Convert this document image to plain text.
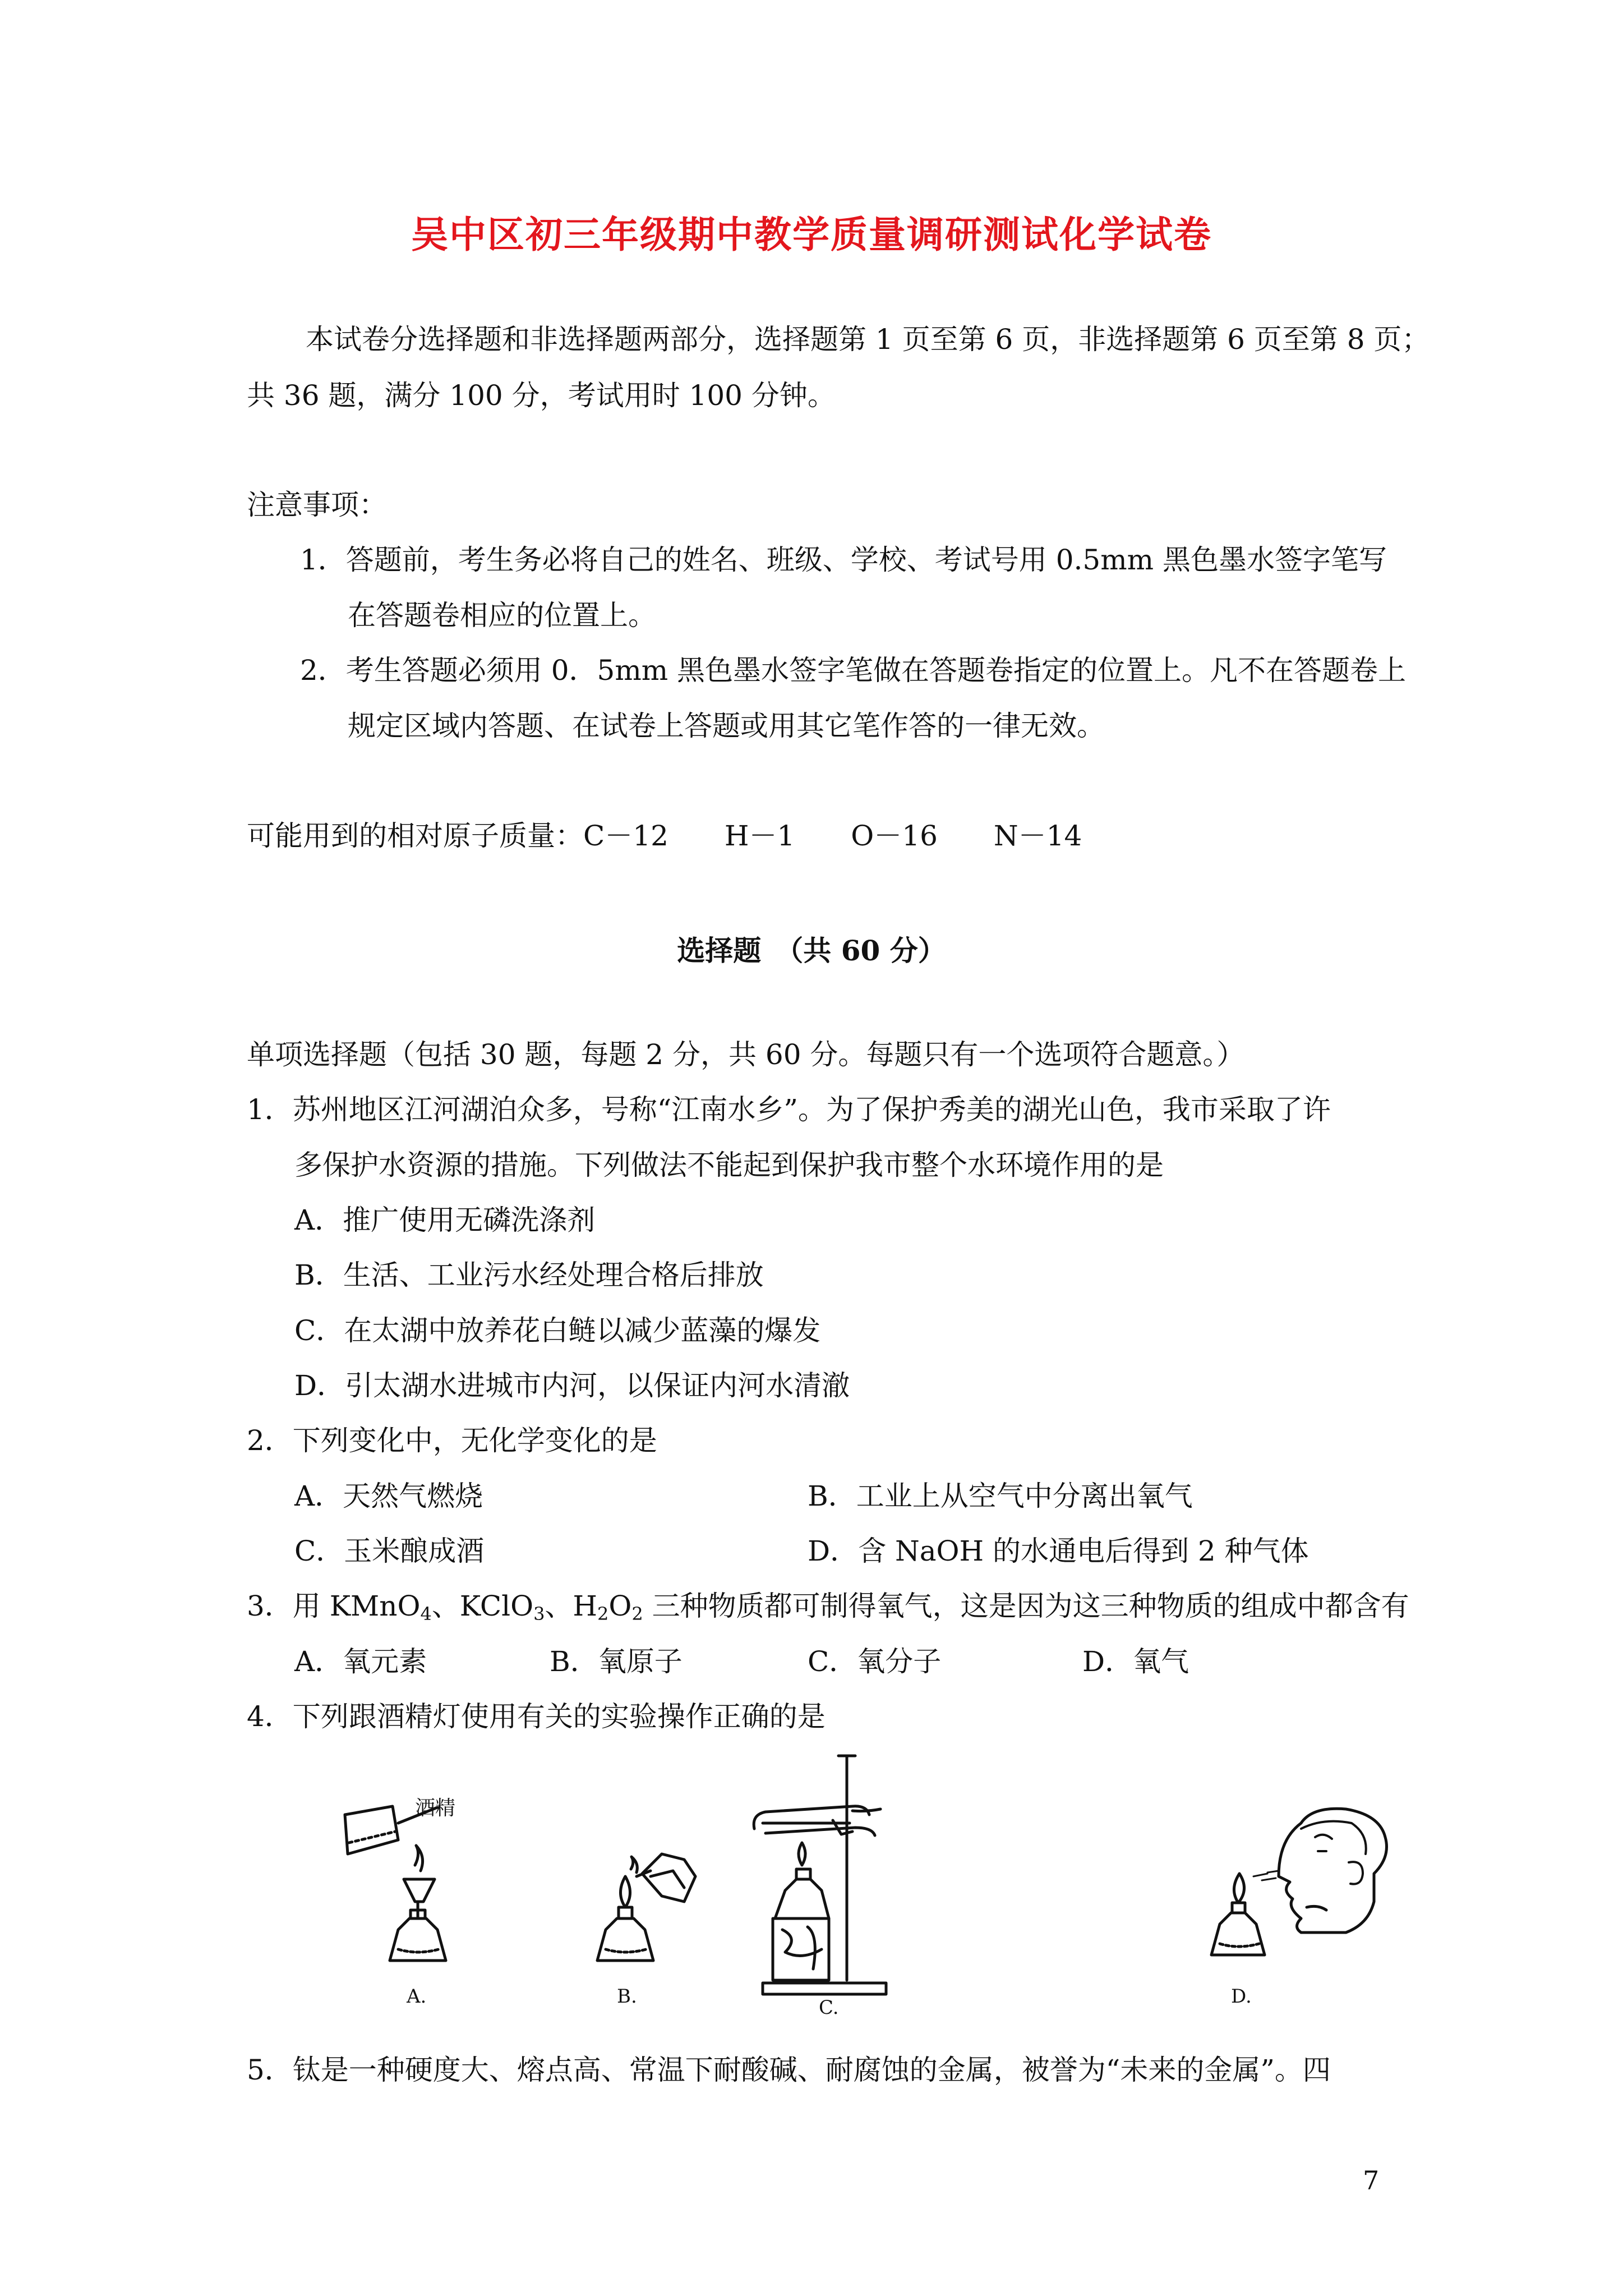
吴中区初三年级期中教学质量调研测试化学试卷
本试卷分选择题和非选择题两部分，选择题第 1 页至第 6 页，非选择题第 6 页至第 8 页；
共 36 题，满分 100 分，考试用时 100 分钟。
注意事项：
1．答题前，考生务必将自己的姓名、班级、学校、考试号用 0.5mm 黑色墨水签字笔写
在答题卷相应的位置上。
2．考生答题必须用 0．5mm 黑色墨水签字笔做在答题卷指定的位置上。凡不在答题卷上
规定区域内答题、在试卷上答题或用其它笔作答的一律无效。
可能用到的相对原子质量：C－12　　H－1　　O－16　　N－14
选择题　（共 60 分）
单项选择题（包括 30 题，每题 2 分，共 60 分。每题只有一个选项符合题意。）
1．苏州地区江河湖泊众多，号称“江南水乡”。为了保护秀美的湖光山色，我市采取了许
多保护水资源的措施。下列做法不能起到保护我市整个水环境作用的是
A．推广使用无磷洗涤剂
B．生活、工业污水经处理合格后排放
C．在太湖中放养花白鲢以减少蓝藻的爆发
D．引太湖水进城市内河，以保证内河水清澈
2．下列变化中，无化学变化的是
A．天然气燃烧	B．工业上从空气中分离出氧气
C．玉米酿成酒	D．含 NaOH 的水通电后得到 2 种气体
3．用 KMnO$_4$、KClO$_3$、$H_2O_2$ 三种物质都可制得氧气，这是因为这三种物质的组成中都含有
A．氧元素	B．氧原子	C．氧分子	D．氧气
4．下列跟酒精灯使用有关的实验操作正确的是
酒精
A.	B.	C.	D.
5．钛是一种硬度大、熔点高、常温下耐酸碱、耐腐蚀的金属，被誉为“未来的金属”。四
7
